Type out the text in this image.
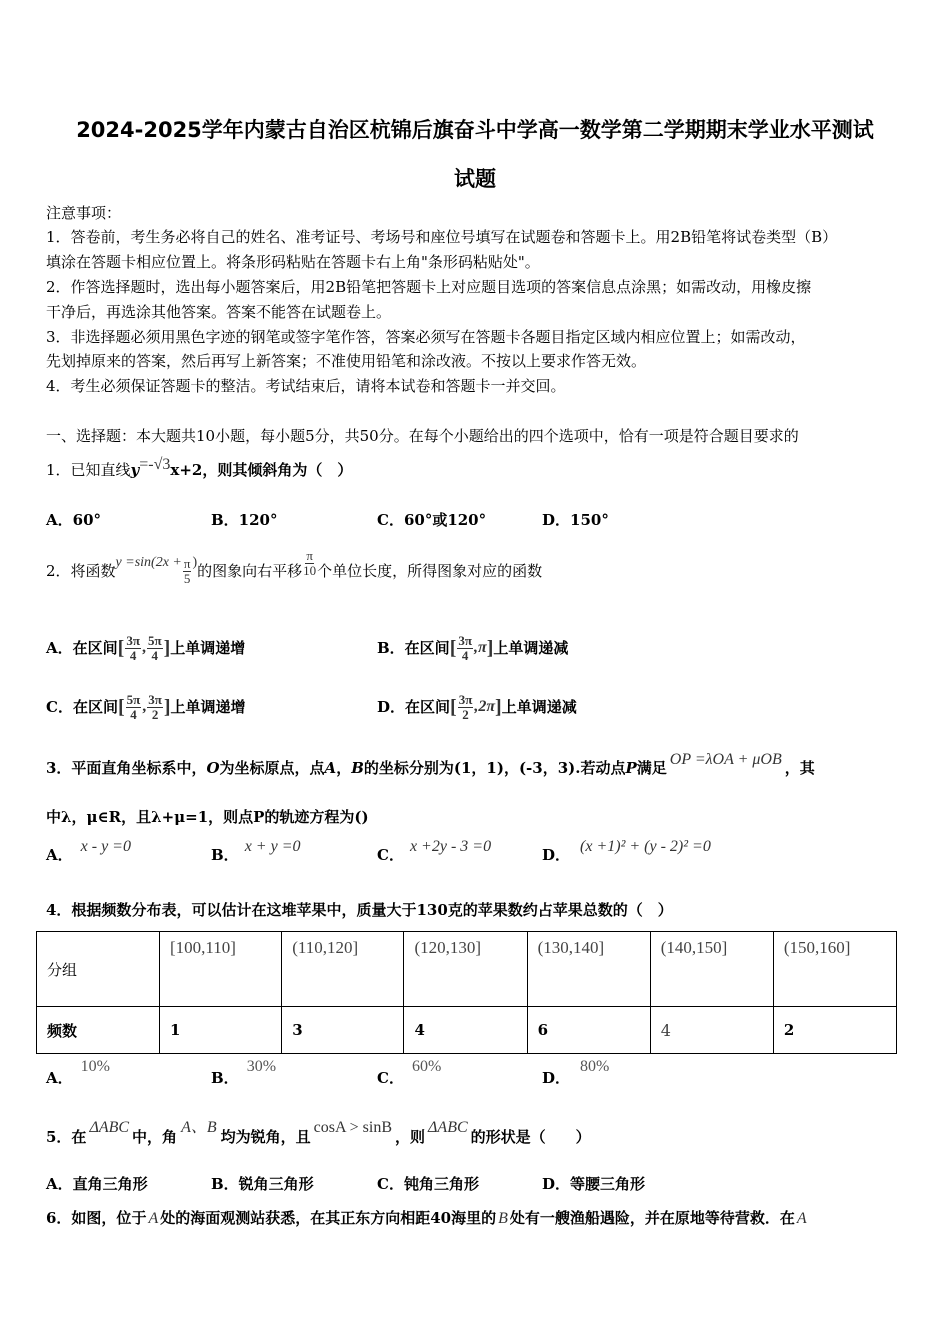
2024-2025学年内蒙古自治区杭锦后旗奋斗中学高一数学第二学期期末学业水平测试
试题
注意事项：
1．答卷前，考生务必将自己的姓名、准考证号、考场号和座位号填写在试题卷和答题卡上。用2B铅笔将试卷类型（B）
填涂在答题卡相应位置上。将条形码粘贴在答题卡右上角"条形码粘贴处"。
2．作答选择题时，选出每小题答案后，用2B铅笔把答题卡上对应题目选项的答案信息点涂黑；如需改动，用橡皮擦
干净后，再选涂其他答案。答案不能答在试题卷上。
3．非选择题必须用黑色字迹的钢笔或签字笔作答，答案必须写在答题卡各题目指定区域内相应位置上；如需改动，
先划掉原来的答案，然后再写上新答案；不准使用铅笔和涂改液。不按以上要求作答无效。
4．考生必须保证答题卡的整洁。考试结束后，请将本试卷和答题卡一并交回。
一、选择题：本大题共10小题，每小题5分，共50分。在每个小题给出的四个选项中，恰有一项是符合题目要求的
1．已知直线y=-√3x+2，则其倾斜角为（　）
A．60°	B．120°	C．60°或120°	D．150°
2．将函数 $y =\sin(2x + \frac{\pi}{5}$ ) 的图象向右平移 $\frac{\pi}{10}$ 个单位长度，所得图象对应的函数
A．在区间 [ $\frac{3\pi}{4}$ , $\frac{5\pi}{4}$ ] 上单调递增	B．在区间 [ $\frac{3\pi}{4} ,\pi$ ] 上单调递减
C．在区间 [ $\frac{5\pi}{4}$ , $\frac{3\pi}{2}$ ] 上单调递增	D．在区间 [ $\frac{3\pi}{2} ,2\pi$ ] 上单调递减
3．平面直角坐标系中，O为坐标原点，点A，B的坐标分别为(1，1)，(-3，3).若动点P满足 OP =λOA + μOB ，其
中λ，μ∈R，且λ+μ=1，则点P的轨迹方程为()
A． x - y =0	B． x + y =0	C． x +2y - 3 =0	D． (x +1)² + (y - 2)² =0
4．根据频数分布表，可以估计在这堆苹果中，质量大于130克的苹果数约占苹果总数的（　）
分组	[100,110]	(110,120]	(120,130]	(130,140]	(140,150]	(150,160]
频数	1	3	4	6	4	2
A．10%
B．30%
C．60%
D．80%
5．在ΔABC中，角A、B均为锐角，且cosA > sinB，则ΔABC的形状是（　　）
A．直角三角形	B．锐角三角形	C．钝角三角形	D．等腰三角形
6．如图，位于 A 处的海面观测站获悉，在其正东方向相距40海里的 B 处有一艘渔船遇险，并在原地等待营救．在 A
